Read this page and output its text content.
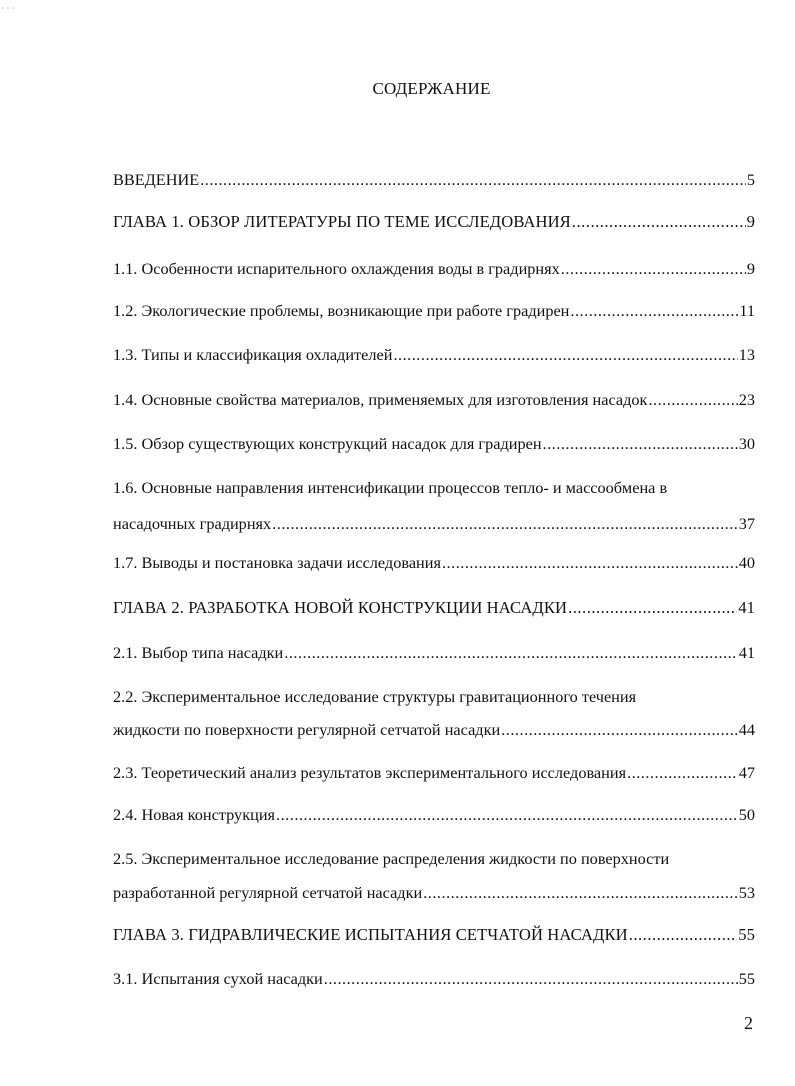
· · ·
СОДЕРЖАНИЕ
ВВЕДЕНИЕ .....	5
ГЛАВА 1. ОБЗОР ЛИТЕРАТУРЫ ПО ТЕМЕ ИССЛЕДОВАНИЯ .....	9
1.1. Особенности испарительного охлаждения воды в градирнях .....	9
1.2. Экологические проблемы, возникающие при работе градирен .....	11
1.3. Типы и классификация охладителей .....	13
1.4. Основные свойства материалов, применяемых для изготовления насадок .....	23
1.5. Обзор существующих конструкций насадок для градирен .....	30
1.6. Основные направления интенсификации процессов тепло- и массообмена в
насадочных градирнях .....	37
1.7. Выводы и постановка задачи исследования .....	40
ГЛАВА 2. РАЗРАБОТКА НОВОЙ КОНСТРУКЦИИ НАСАДКИ .....	41
2.1. Выбор типа насадки .....	41
2.2. Экспериментальное исследование структуры гравитационного течения
жидкости по поверхности регулярной сетчатой насадки .....	44
2.3. Теоретический анализ результатов экспериментального исследования .....	47
2.4. Новая конструкция .....	50
2.5. Экспериментальное исследование распределения жидкости по поверхности
разработанной регулярной сетчатой насадки .....	53
ГЛАВА 3. ГИДРАВЛИЧЕСКИЕ ИСПЫТАНИЯ СЕТЧАТОЙ НАСАДКИ .....	55
3.1. Испытания сухой насадки .....	55
2
